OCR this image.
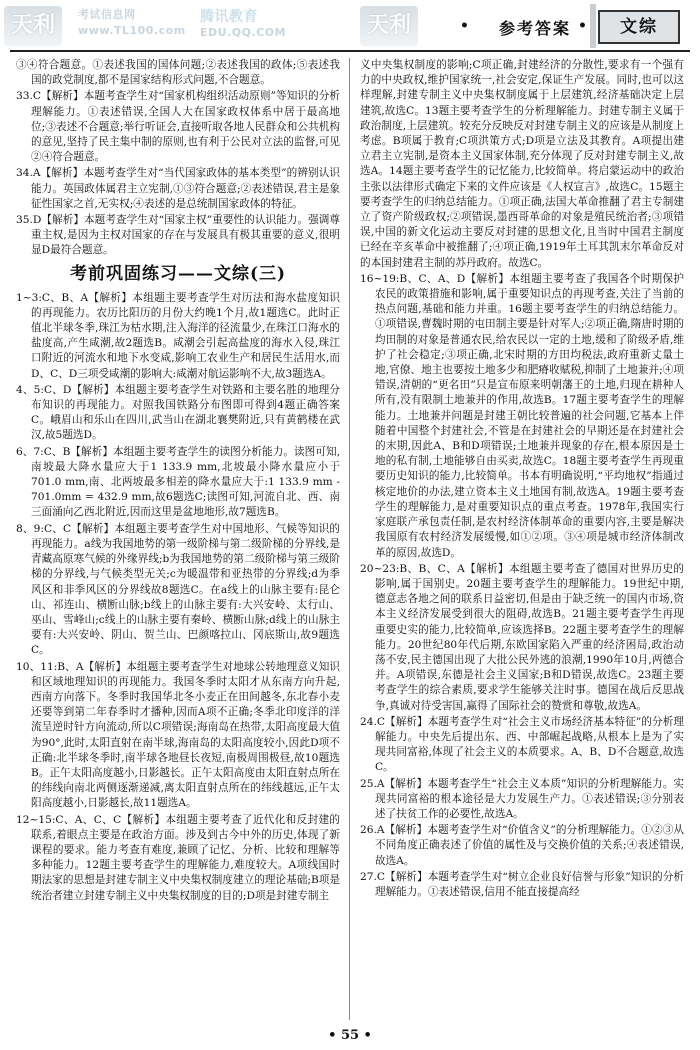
天利	考试信息网
www.TL100.com
腾讯教育
EDU.QQ.COM	天利	•	参考答案 •	文综

③④符合题意。①表述我国的国体问题;②表述我国的政体;⑤表述我国的政党制度,都不是国家结构形式问题,不合题意。

33.C【解析】本题考查学生对“国家机构组织活动原则”等知识的分析理解能力。①表述错误,全国人大在国家政权体系中居于最高地位;③表述不合题意;举行听证会,直接听取各地人民群众和公共机构的意见,坚持了民主集中制的原则,也有利于公民对立法的监督,可见②④符合题意。

34.A【解析】本题考查学生对“当代国家政体的基本类型”的辨别认识能力。英国政体属君主立宪制,①③符合题意;②表述错误,君主是象征性国家之首,无实权;④表述的是总统制国家政体的特征。

35.D【解析】本题考查学生对“国家主权”重要性的认识能力。强调尊重主权,是因为主权对国家的存在与发展具有极其重要的意义,很明显D最符合题意。

考前巩固练习——文综(三)

1~3:C、B、A【解析】本组题主要考查学生对历法和海水盐度知识的再现能力。农历比阳历的月份大约晚1个月,故1题选C。此时正值北半球冬季,珠江为枯水期,注入海洋的径流量少,在珠江口海水的盐度高,产生咸潮,故2题选B。咸潮会引起高盐度的海水入侵,珠江口附近的河流水和地下水变咸,影响工农业生产和居民生活用水,而D、C、D三项受咸潮的影响大:咸潮对航运影响不大,故3题选A。

4、5:C、D【解析】本组题主要考查学生对铁路和主要名胜的地理分布知识的再现能力。对照我国铁路分布图即可得到4题正确答案C。峨眉山和乐山在四川,武当山在湖北襄樊附近,只有黄鹤楼在武汉,故5题选D。

6、7:C、B【解析】本组题主要考查学生的读图分析能力。读图可知,南坡最大降水量应大于1 133.9 mm,北坡最小降水量应小于701.0 mm,南、北两坡最多相差的降水量应大于:1 133.9 mm - 701.0mm = 432.9 mm,故6题选C;读图可知,河流自北、西、南三面涌向乙西北附近,因而这里是盆地地形,故7题选B。

8、9:C、C【解析】本组题主要考查学生对中国地形、气候等知识的再现能力。a线为我国地势的第一级阶梯与第二级阶梯的分界线,是青藏高原寒气候的外缘界线;b为我国地势的第二级阶梯与第三级阶梯的分界线,与气候类型无关;c为暖温带和亚热带的分界线;d为季风区和非季风区的分界线故8题选C。在a线上的山脉主要有:昆仑山、祁连山、横断山脉;b线上的山脉主要有:大兴安岭、太行山、巫山、雪峰山;c线上的山脉主要有秦岭、横断山脉;d线上的山脉主要有:大兴安岭、阴山、贺兰山、巴颜喀拉山、冈底斯山,故9题选C。

10、11:B、A【解析】本组题主要考查学生对地球公转地理意义知识和区域地理知识的再现能力。我国冬季时太阳才从东南方向升起,西南方向落下。冬季时我国华北冬小麦正在田间越冬,东北春小麦还要等到第二年春季时才播种,因而A项不正确;冬季北印度洋的洋流呈逆时针方向流动,所以C项错误;海南岛在热带,太阳高度最大值为90°,此时,太阳直射在南半球,海南岛的太阳高度较小,因此D项不正确:北半球冬季时,南半球各地昼长夜短,南极周围极昼,故10题选B。正午太阳高度越小,日影越长。正午太阳高度由太阳直射点所在的纬线向南北两侧逐渐递减,离太阳直射点所在的纬线越远,正午太阳高度越小,日影越长,故11题选A。

12~15:C、A、C、C【解析】本组题主要考查了近代化和反封建的联系,着眼点主要是在政治方面。涉及到古今中外的历史,体现了新课程的要求。能力考查有难度,兼顾了记忆、分析、比较和理解等多种能力。12题主要考查学生的理解能力,难度较大。A项线国时期法家的思想是封建专制主义中央集权制度建立的理论基础;B项是统治者建立封建专制主义中央集权制度的目的;D项是封建专制主

义中央集权制度的影响;C项正确,封建经济的分散性,要求有一个强有力的中央政权,维护国家统一,社会安定,保证生产发展。同时,也可以这样理解,封建专制主义中央集权制度属于上层建筑,经济基础决定上层建筑,故选C。13题主要考查学生的分析理解能力。封建专制主义属于政治制度,上层建筑。较充分反映反对封建专制主义的应该是从制度上考虑。B项属于教育;C项洪策方式;D项是立法及其教育。A项提出建立君主立宪制,是资本主义国家体制,充分体现了反对封建专制主义,故选A。14题主要考查学生的记忆能力,比较简单。将启蒙运动中的政治主张以法律形式确定下来的文件应该是《人权宣言》,故选C。15题主要考查学生的归纳总结能力。①项正确,法国大革命推翻了君主专制建立了资产阶级政权;②项错误,墨西哥革命的对象是殖民统治者;③项错误,中国的新文化运动主要反对封建的思想文化,且当时中国君主制度已经在辛亥革命中被推翻了;④项正确,1919年土耳其凯末尔革命反对的本国封建君主制的苏丹政府。故选C。

16~19:B、C、A、D【解析】本组题主要考查了我国各个时期保护农民的政策措施和影响,属于重要知识点的再现考查,关注了当前的热点问题,基础和能力并重。16题主要考查学生的归纳总结能力。①项错误,曹魏时期的屯田制主要是针对军人;②项正确,隋唐时期的均田制的对象是普通农民,给农民以一定的土地,缓和了阶级矛盾,维护了社会稳定;③项正确,北宋时期的方田均税法,政府重新丈量土地,官僚、地主也要按土地多少和肥瘠收赋税,抑制了土地兼并;④项错误,清朝的“更名田”只是宣布原来明朝藩王的土地,归现在耕种人所有,没有限制土地兼并的作用,故选B。17题主要考查学生的理解能力。土地兼并问题是封建王朝比较普遍的社会问题,它基本上伴随着中国整个封建社会,不管是在封建社会的早期还是在封建社会的末期,因此A、B和D项错误;土地兼并现象的存在,根本原因是土地的私有制,土地能够自由买卖,故选C。18题主要考查学生再现重要历史知识的能力,比较简单。书本有明确说明,“平均地权”指通过核定地价的办法,建立资本主义土地国有制,故选A。19题主要考查学生的理解能力,是对重要知识点的重点考查。1978年,我国实行家庭联产承包责任制,是农村经济体制革命的重要内容,主要是解决我国原有农村经济发展缓慢,如①②项。③④项是城市经济体制改革的原因,故选D。

20~23:B、B、C、A【解析】本组题主要考查了德国对世界历史的影响,属于国别史。20题主要考查学生的理解能力。19世纪中期,德意志各地之间的联系日益密切,但是由于缺乏统一的国内市场,资本主义经济发展受到很大的阻碍,故选B。21题主要考查学生再现重要史实的能力,比较简单,应该选择B。22题主要考查学生的理解能力。20世纪80年代后期,东欧国家陷入严重的经济困局,政治动荡不安,民主德国出现了大批公民外逃的浪潮,1990年10月,两德合并。A项错误,东德是社会主义国家;B和D错误,故选C。23题主要考查学生的综合素质,要求学生能够关注时事。德国在战后反思战争,真诚对待受害国,赢得了国际社会的赞赏和尊敬,故选A。

24.C【解析】本题考查学生对“社会主义市场经济基本特征”的分析理解能力。中央先后提出东、西、中部崛起战略,从根本上是为了实现共同富裕,体现了社会主义的本质要求。A、B、D不合题意,故选C。

25.A【解析】本题考查学生“社会主义本质”知识的分析理解能力。实现共同富裕的根本途径是大力发展生产力。①表述错误;③分别表述了扶贫工作的必要性,故选A。

26.A【解析】本题考查学生对“价值含义”的分析理解能力。①②③从不同角度正确表述了价值的属性及与交换价值的关系;④表述错误,故选A。

27.C【解析】本题考查学生对“树立企业良好信誉与形象”知识的分析理解能力。①表述错误,信用不能直接提高经

• 55 •
